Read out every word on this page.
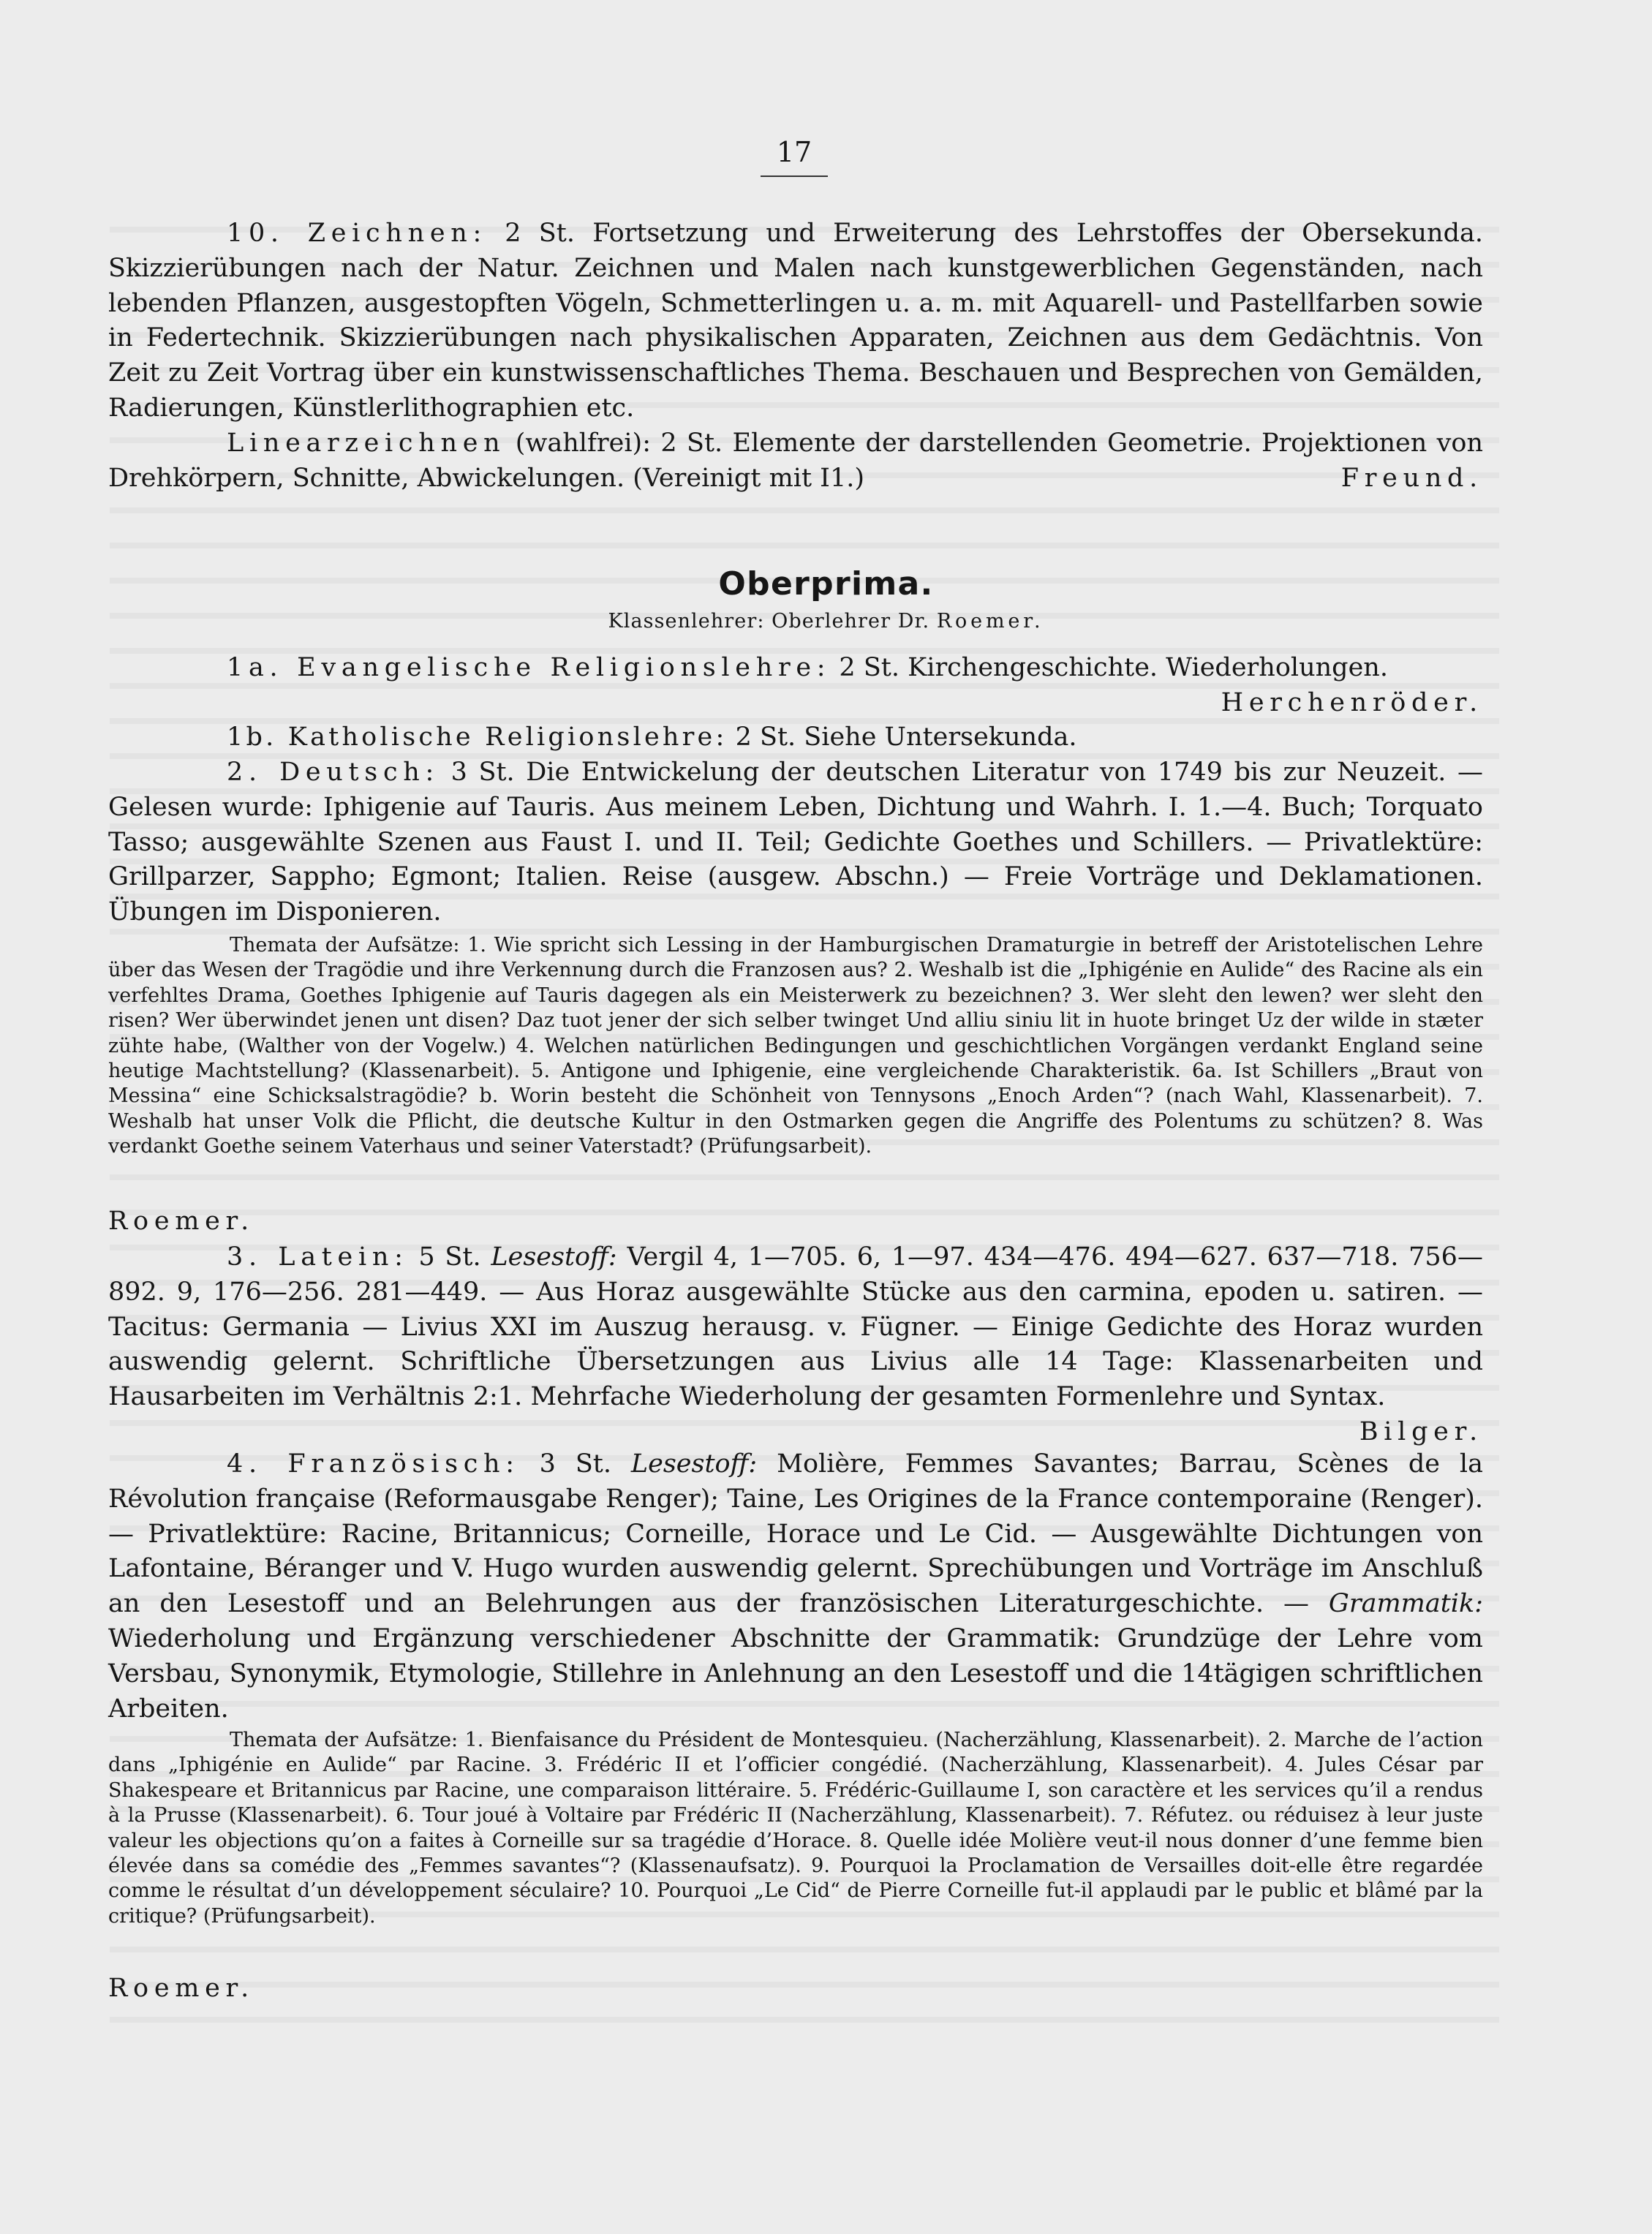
17

10. Zeichnen: 2 St. Fortsetzung und Erweiterung des Lehrstoffes der Obersekunda. Skizzierübungen nach der Natur. Zeichnen und Malen nach kunstgewerblichen Gegenständen, nach lebenden Pflanzen, ausgestopften Vögeln, Schmetterlingen u. a. m. mit Aquarell- und Pastellfarben sowie in Federtechnik. Skizzierübungen nach physikalischen Apparaten, Zeichnen aus dem Gedächtnis. Von Zeit zu Zeit Vortrag über ein kunstwissenschaftliches Thema. Beschauen und Besprechen von Gemälden, Radierungen, Künstlerlithographien etc.

Linearzeichnen (wahlfrei): 2 St. Elemente der darstellenden Geometrie. Projektionen von Drehkörpern, Schnitte, Abwickelungen. (Vereinigt mit I1.)	Freund.

Oberprima.
Klassenlehrer: Oberlehrer Dr. Roemer.

1a. Evangelische Religionslehre: 2 St. Kirchengeschichte. Wiederholungen.
Herchenröder.

1b. Katholische Religionslehre: 2 St. Siehe Untersekunda.

2. Deutsch: 3 St. Die Entwickelung der deutschen Literatur von 1749 bis zur Neuzeit. — Gelesen wurde: Iphigenie auf Tauris. Aus meinem Leben, Dichtung und Wahrh. I. 1.—4. Buch; Torquato Tasso; ausgewählte Szenen aus Faust I. und II. Teil; Gedichte Goethes und Schillers. — Privatlektüre: Grillparzer, Sappho; Egmont; Italien. Reise (ausgew. Abschn.) — Freie Vorträge und Deklamationen. Übungen im Disponieren.

Themata der Aufsätze: 1. Wie spricht sich Lessing in der Hamburgischen Dramaturgie in betreff der Aristotelischen Lehre über das Wesen der Tragödie und ihre Verkennung durch die Franzosen aus? 2. Weshalb ist die „Iphigénie en Aulide“ des Racine als ein verfehltes Drama, Goethes Iphigenie auf Tauris dagegen als ein Meisterwerk zu bezeichnen? 3. Wer sleht den lewen? wer sleht den risen? Wer überwindet jenen unt disen? Daz tuot jener der sich selber twinget Und alliu siniu lit in huote bringet Uz der wilde in stæter zühte habe, (Walther von der Vogelw.) 4. Welchen natürlichen Bedingungen und geschichtlichen Vorgängen verdankt England seine heutige Machtstellung? (Klassenarbeit). 5. Antigone und Iphigenie, eine vergleichende Charakteristik. 6a. Ist Schillers „Braut von Messina“ eine Schicksalstragödie? b. Worin besteht die Schönheit von Tennysons „Enoch Arden“? (nach Wahl, Klassenarbeit). 7. Weshalb hat unser Volk die Pflicht, die deutsche Kultur in den Ostmarken gegen die Angriffe des Polentums zu schützen? 8. Was verdankt Goethe seinem Vaterhaus und seiner Vaterstadt? (Prüfungsarbeit).

Roemer.

3. Latein: 5 St. Lesestoff: Vergil 4, 1—705. 6, 1—97. 434—476. 494—627. 637—718. 756—892. 9, 176—256. 281—449. — Aus Horaz ausgewählte Stücke aus den carmina, epoden u. satiren. — Tacitus: Germania — Livius XXI im Auszug herausg. v. Fügner. — Einige Gedichte des Horaz wurden auswendig gelernt. Schriftliche Übersetzungen aus Livius alle 14 Tage: Klassenarbeiten und Hausarbeiten im Verhältnis 2:1. Mehrfache Wiederholung der gesamten Formenlehre und Syntax.
Bilger.

4. Französisch: 3 St. Lesestoff: Molière, Femmes Savantes; Barrau, Scènes de la Révolution française (Reformausgabe Renger); Taine, Les Origines de la France contemporaine (Renger). — Privatlektüre: Racine, Britannicus; Corneille, Horace und Le Cid. — Ausgewählte Dichtungen von Lafontaine, Béranger und V. Hugo wurden auswendig gelernt. Sprechübungen und Vorträge im Anschluß an den Lesestoff und an Belehrungen aus der französischen Literaturgeschichte. — Grammatik: Wiederholung und Ergänzung verschiedener Abschnitte der Grammatik: Grundzüge der Lehre vom Versbau, Synonymik, Etymologie, Stillehre in Anlehnung an den Lesestoff und die 14tägigen schriftlichen Arbeiten.

Themata der Aufsätze: 1. Bienfaisance du Président de Montesquieu. (Nacherzählung, Klassenarbeit). 2. Marche de l’action dans „Iphigénie en Aulide“ par Racine. 3. Frédéric II et l’officier congédié. (Nacherzählung, Klassenarbeit). 4. Jules César par Shakespeare et Britannicus par Racine, une comparaison littéraire. 5. Frédéric-Guillaume I, son caractère et les services qu’il a rendus à la Prusse (Klassenarbeit). 6. Tour joué à Voltaire par Frédéric II (Nacherzählung, Klassenarbeit). 7. Réfutez. ou réduisez à leur juste valeur les objections qu’on a faites à Corneille sur sa tragédie d’Horace. 8. Quelle idée Molière veut-il nous donner d’une femme bien élevée dans sa comédie des „Femmes savantes“? (Klassenaufsatz). 9. Pourquoi la Proclamation de Versailles doit-elle être regardée comme le résultat d’un développement séculaire? 10. Pourquoi „Le Cid“ de Pierre Corneille fut-il applaudi par le public et blâmé par la critique? (Prüfungsarbeit).

Roemer.
